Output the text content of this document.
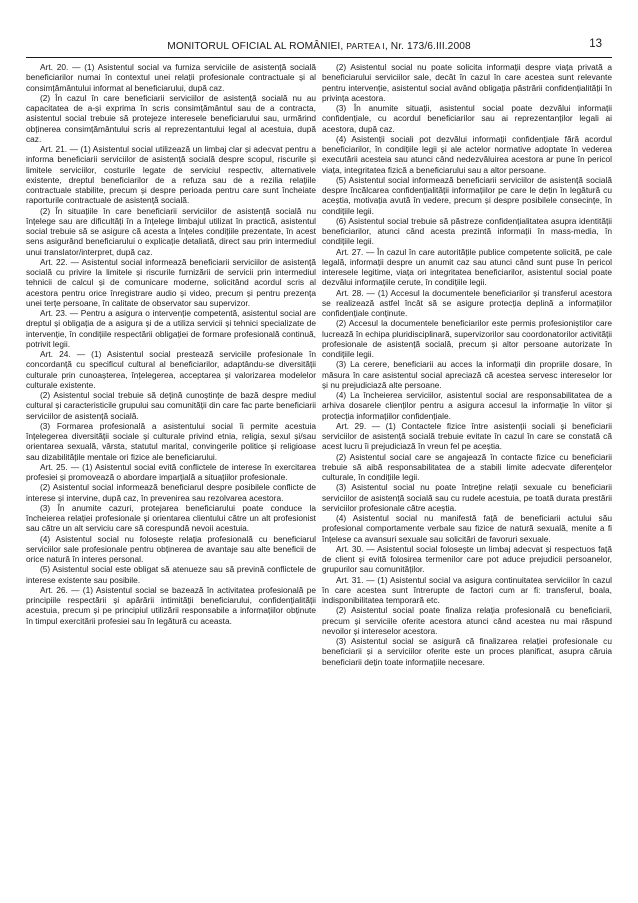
MONITORUL OFICIAL AL ROMÂNIEI, PARTEA I, Nr. 173/6.III.2008	13

Art. 20. — (1) Asistentul social va furniza serviciile de asistență socială beneficiarilor numai în contextul unei relații profesionale contractuale și al consimțământului informat al beneficiarului, după caz.

(2) În cazul în care beneficiarii serviciilor de asistență socială nu au capacitatea de a-și exprima în scris consimțământul sau de a contracta, asistentul social trebuie să protejeze interesele beneficiarului sau, urmărind obținerea consimțământului scris al reprezentantului legal al acestuia, după caz.

Art. 21. — (1) Asistentul social utilizează un limbaj clar și adecvat pentru a informa beneficiarii serviciilor de asistență socială despre scopul, riscurile și limitele serviciilor, costurile legate de serviciul respectiv, alternativele existente, dreptul beneficiarilor de a refuza sau de a rezilia relațiile contractuale stabilite, precum și despre perioada pentru care sunt încheiate raporturile contractuale de asistență socială.

(2) În situațiile în care beneficiarii serviciilor de asistență socială nu înțelege sau are dificultăți în a înțelege limbajul utilizat în practică, asistentul social trebuie să se asigure că acesta a înțeles condițiile prezentate, în acest sens asigurând beneficiarului o explicație detaliată, direct sau prin intermediul unui translator/interpret, după caz.

Art. 22. — Asistentul social informează beneficiarii serviciilor de asistență socială cu privire la limitele și riscurile furnizării de servicii prin intermediul tehnicii de calcul și de comunicare moderne, solicitând acordul scris al acestora pentru orice înregistrare audio și video, precum și pentru prezența unei terțe persoane, în calitate de observator sau supervizor.

Art. 23. — Pentru a asigura o intervenție competentă, asistentul social are dreptul și obligația de a asigura și de a utiliza servicii și tehnici specializate de intervenție, în condițiile respectării obligației de formare profesională continuă, potrivit legii.

Art. 24. — (1) Asistentul social prestează serviciile profesionale în concordanță cu specificul cultural al beneficiarilor, adaptându-se diversității culturale prin cunoașterea, înțelegerea, acceptarea și valorizarea modelelor culturale existente.

(2) Asistentul social trebuie să dețină cunoștințe de bază despre mediul cultural și caracteristicile grupului sau comunității din care fac parte beneficiarii serviciilor de asistență socială.

(3) Formarea profesională a asistentului social îi permite acestuia înțelegerea diversității sociale și culturale privind etnia, religia, sexul și/sau orientarea sexuală, vârsta, statutul marital, convingerile politice și religioase sau dizabilitățile mentale ori fizice ale beneficiarului.

Art. 25. — (1) Asistentul social evită conflictele de interese în exercitarea profesiei și promovează o abordare imparțială a situațiilor profesionale.

(2) Asistentul social informează beneficiarul despre posibilele conflicte de interese și intervine, după caz, în prevenirea sau rezolvarea acestora.

(3) În anumite cazuri, protejarea beneficiarului poate conduce la încheierea relației profesionale și orientarea clientului către un alt profesionist sau către un alt serviciu care să corespundă nevoii acestuia.

(4) Asistentul social nu folosește relația profesională cu beneficiarul serviciilor sale profesionale pentru obținerea de avantaje sau alte beneficii de orice natură în interes personal.

(5) Asistentul social este obligat să atenueze sau să prevină conflictele de interese existente sau posibile.

Art. 26. — (1) Asistentul social se bazează în activitatea profesională pe principiile respectării și apărării intimității beneficiarului, confidențialității acestuia, precum și pe principiul utilizării responsabile a informațiilor obținute în timpul exercitării profesiei sau în legătură cu aceasta.

(2) Asistentul social nu poate solicita informații despre viața privată a beneficiarului serviciilor sale, decât în cazul în care acestea sunt relevante pentru intervenție, asistentul social având obligația păstrării confidențialității în privința acestora.

(3) În anumite situații, asistentul social poate dezvălui informații confidențiale, cu acordul beneficiarilor sau ai reprezentanților legali ai acestora, după caz.

(4) Asistenții sociali pot dezvălui informații confidențiale fără acordul beneficiarilor, în condițiile legii și ale actelor normative adoptate în vederea executării acesteia sau atunci când nedezvăluirea acestora ar pune în pericol viața, integritatea fizică a beneficiarului sau a altor persoane.

(5) Asistentul social informează beneficiarii serviciilor de asistență socială despre încălcarea confidențialității informațiilor pe care le dețin în legătură cu aceștia, motivația avută în vedere, precum și despre posibilele consecințe, în condițiile legii.

(6) Asistentul social trebuie să păstreze confidențialitatea asupra identității beneficiarilor, atunci când acesta prezintă informații în mass-media, în condițiile legii.

Art. 27. — În cazul în care autoritățile publice competente solicită, pe cale legală, informații despre un anumit caz sau atunci când sunt puse în pericol interesele legitime, viața ori integritatea beneficiarilor, asistentul social poate dezvălui informațiile cerute, în condițiile legii.

Art. 28. — (1) Accesul la documentele beneficiarilor și transferul acestora se realizează astfel încât să se asigure protecția deplină a informațiilor confidențiale conținute.

(2) Accesul la documentele beneficiarilor este permis profesioniștilor care lucrează în echipa pluridisciplinară, supervizorilor sau coordonatorilor activității profesionale de asistență socială, precum și altor persoane autorizate în condițiile legii.

(3) La cerere, beneficiarii au acces la informații din propriile dosare, în măsura în care asistentul social apreciază că acestea servesc intereselor lor și nu prejudiciază alte persoane.

(4) La încheierea serviciilor, asistentul social are responsabilitatea de a arhiva dosarele clienților pentru a asigura accesul la informație în viitor și protecția informațiilor confidențiale.

Art. 29. — (1) Contactele fizice între asistenții sociali și beneficiarii serviciilor de asistență socială trebuie evitate în cazul în care se constată că acest lucru îi prejudiciază în vreun fel pe aceștia.

(2) Asistentul social care se angajează în contacte fizice cu beneficiarii trebuie să aibă responsabilitatea de a stabili limite adecvate diferențelor culturale, în condițiile legii.

(3) Asistentul social nu poate întreține relații sexuale cu beneficiarii serviciilor de asistență socială sau cu rudele acestuia, pe toată durata prestării serviciilor profesionale către aceștia.

(4) Asistentul social nu manifestă față de beneficiarii actului său profesional comportamente verbale sau fizice de natură sexuală, menite a fi înțelese ca avansuri sexuale sau solicitări de favoruri sexuale.

Art. 30. — Asistentul social folosește un limbaj adecvat și respectuos față de client și evită folosirea termenilor care pot aduce prejudicii persoanelor, grupurilor sau comunităților.

Art. 31. — (1) Asistentul social va asigura continuitatea serviciilor în cazul în care acestea sunt întrerupte de factori cum ar fi: transferul, boala, indisponibilitatea temporară etc.

(2) Asistentul social poate finaliza relația profesională cu beneficiarii, precum și serviciile oferite acestora atunci când acestea nu mai răspund nevoilor și intereselor acestora.

(3) Asistentul social se asigură că finalizarea relației profesionale cu beneficiarii și a serviciilor oferite este un proces planificat, asupra căruia beneficiarii dețin toate informațiile necesare.
